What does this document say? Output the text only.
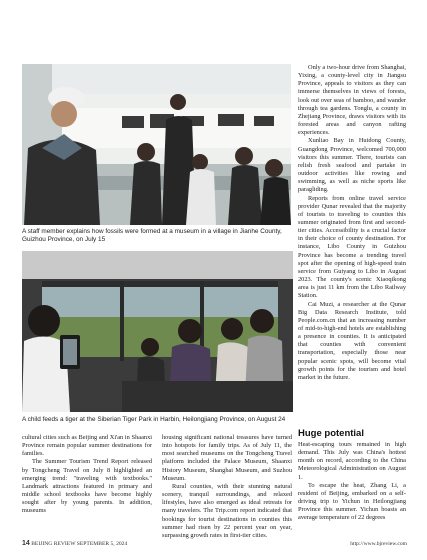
A staff member explains how fossils were formed at a museum in a village in Jianhe County, Guizhou Province, on July 15
A child feeds a tiger at the Siberian Tiger Park in Harbin, Heilongjiang Province, on August 24

Only a two-hour drive from Shanghai, Yixing, a county-level city in Jiangsu Province, appeals to visitors as they can immerse themselves in views of forests, look out over seas of bamboo, and wander through tea gardens. Tonglu, a county in Zhejiang Province, draws visitors with its forested areas and canyon rafting experiences.

Xunliao Bay in Huidong County, Guangdong Province, welcomed 700,000 visitors this summer. There, tourists can relish fresh seafood and partake in outdoor activities like rowing and swimming, as well as niche sports like paragliding.

Reports from online travel service provider Qunar revealed that the majority of tourists to traveling to counties this summer originated from first and second-tier cities. Accessibility is a crucial factor in their choice of county destination. For instance, Libo County in Guizhou Province has become a trending travel spot after the opening of high-speed train service from Guiyang to Libo in August 2023. The county's scenic Xiaoqikong area is just 11 km from the Libo Railway Station.

Cai Muzi, a researcher at the Qunar Big Data Research Institute, told People.com.cn that an increasing number of mid-to-high-end hotels are establishing a presence in counties. It is anticipated that counties with convenient transportation, especially those near popular scenic spots, will become vital growth points for the tourism and hotel market in the future.

Huge potential

Heat-escaping tours remained in high demand. This July was China's hottest month on record, according to the China Meteorological Administration on August 1.

To escape the heat, Zhang Li, a resident of Beijing, embarked on a self-driving trip to Yichun in Heilongjiang Province this summer. Yichun boasts an average temperature of 22 degrees

cultural cities such as Beijing and Xi'an in Shaanxi Province remain popular summer destinations for families.

The Summer Tourism Trend Report released by Tongcheng Travel on July 8 highlighted an emerging trend: "traveling with textbooks." Landmark attractions featured in primary and middle school textbooks have become highly sought after by young parents. In addition, museums

housing significant national treasures have turned into hotspots for family trips. As of July 11, the most searched museums on the Tongcheng Travel platform included the Palace Museum, Shaanxi History Museum, Shanghai Museum, and Suzhou Museum.

Rural counties, with their stunning natural scenery, tranquil surroundings, and relaxed lifestyles, have also emerged as ideal retreats for many travelers. The Trip.com report indicated that bookings for tourist destinations in counties this summer had risen by 22 percent year on year, surpassing growth rates in first-tier cities.

14 BEIJING REVIEW SEPTEMBER 5, 2024	http://www.bjreview.com
